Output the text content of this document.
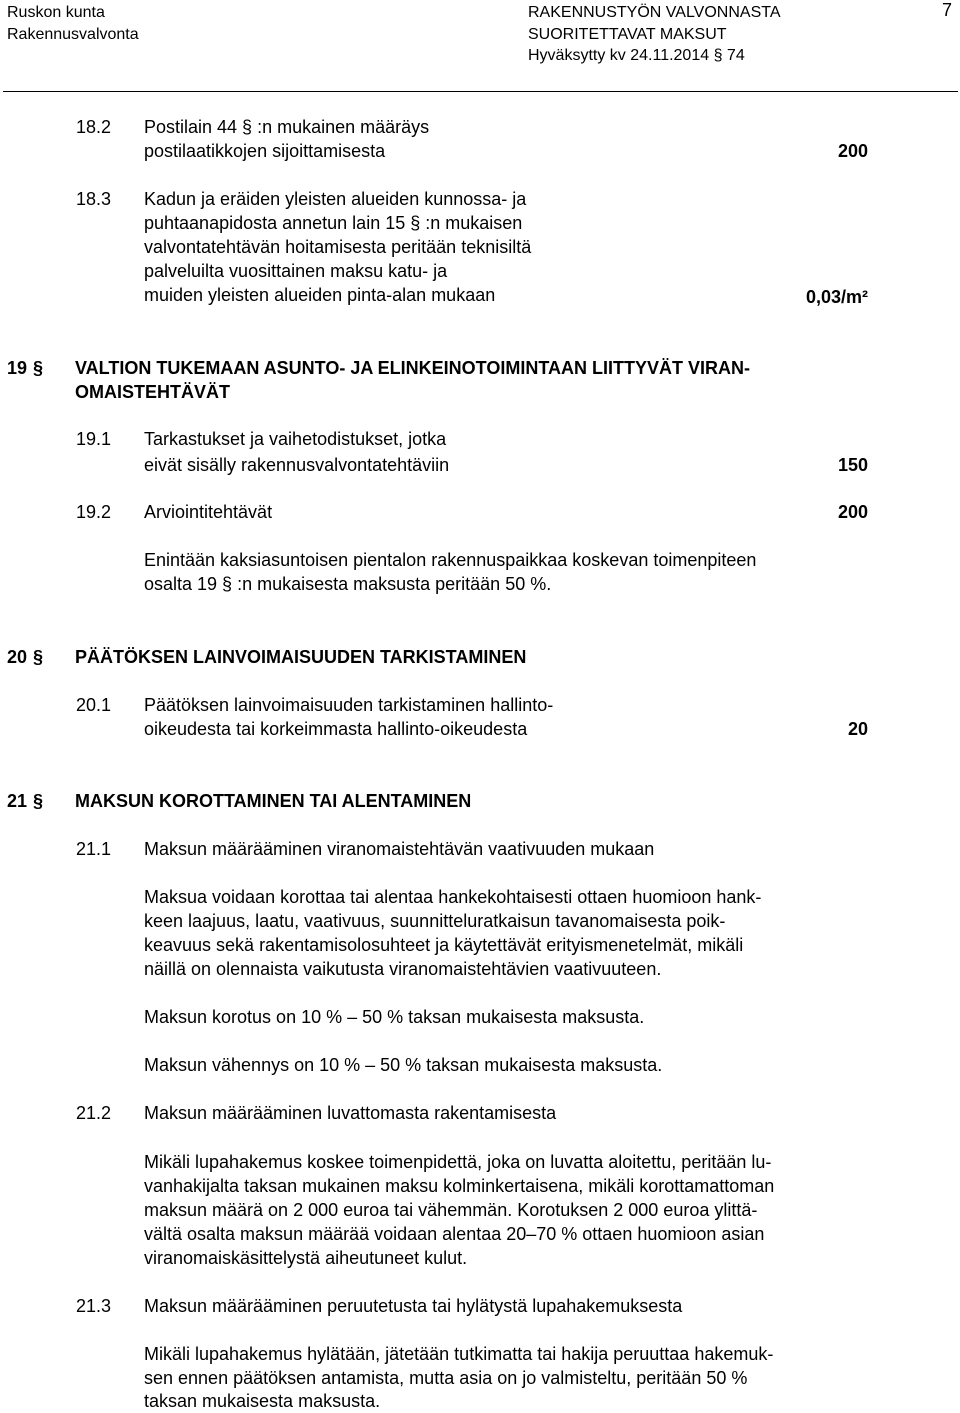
Ruskon kunta
Rakennusvalvonta
RAKENNUSTYÖN VALVONNASTA
SUORITETTAVAT MAKSUT
Hyväksytty kv 24.11.2014 § 74
7
18.2 Postilain 44 § :n mukainen määräys
postilaatikkojen sijoittamisesta	200
18.3 Kadun ja eräiden yleisten alueiden kunnossa- ja
puhtaanapidosta annetun lain 15 § :n mukaisen
valvontatehtävän hoitamisesta peritään teknisiltä
palveluilta vuosittainen maksu katu- ja
muiden yleisten alueiden pinta-alan mukaan	0,03/m²
19 § VALTION TUKEMAAN ASUNTO- JA ELINKEINOTOIMINTAAN LIITTYVÄT VIRAN-
OMAISTEHTÄVÄT
19.1 Tarkastukset ja vaihetodistukset, jotka
eivät sisälly rakennusvalvontatehtäviin	150
19.2 Arviointitehtävät	200
Enintään kaksiasuntoisen pientalon rakennuspaikkaa koskevan toimenpiteen
osalta 19 § :n mukaisesta maksusta peritään 50 %.
20 § PÄÄTÖKSEN LAINVOIMAISUUDEN TARKISTAMINEN
20.1 Päätöksen lainvoimaisuuden tarkistaminen hallinto-
oikeudesta tai korkeimmasta hallinto-oikeudesta	20
21 § MAKSUN KOROTTAMINEN TAI ALENTAMINEN
21.1 Maksun määrääminen viranomaistehtävän vaativuuden mukaan
Maksua voidaan korottaa tai alentaa hankekohtaisesti ottaen huomioon hank-
keen laajuus, laatu, vaativuus, suunnitteluratkaisun tavanomaisesta poik-
keavuus sekä rakentamisolosuhteet ja käytettävät erityismenetelmät, mikäli
näillä on olennaista vaikutusta viranomaistehtävien vaativuuteen.
Maksun korotus on 10 % – 50 % taksan mukaisesta maksusta.
Maksun vähennys on 10 % – 50 % taksan mukaisesta maksusta.
21.2 Maksun määrääminen luvattomasta rakentamisesta
Mikäli lupahakemus koskee toimenpidettä, joka on luvatta aloitettu, peritään lu-
vanhakijalta taksan mukainen maksu kolminkertaisena, mikäli korottamattoman
maksun määrä on 2 000 euroa tai vähemmän. Korotuksen 2 000 euroa ylittä-
vältä osalta maksun määrää voidaan alentaa 20–70 % ottaen huomioon asian
viranomaiskäsittelystä aiheutuneet kulut.
21.3 Maksun määrääminen peruutetusta tai hylätystä lupahakemuksesta
Mikäli lupahakemus hylätään, jätetään tutkimatta tai hakija peruuttaa hakemuk-
sen ennen päätöksen antamista, mutta asia on jo valmisteltu, peritään 50 %
taksan mukaisesta maksusta.
